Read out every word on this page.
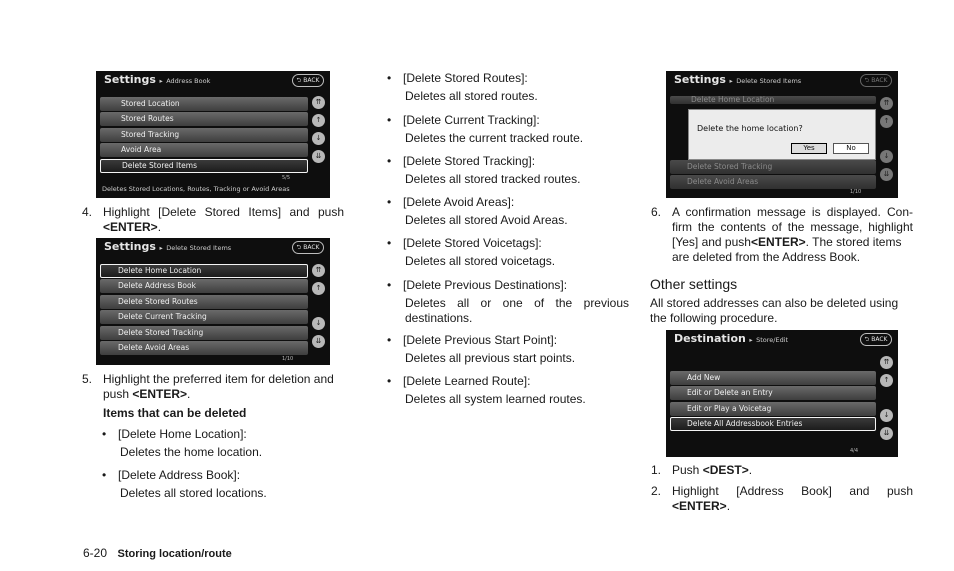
Settings ▸ Address Book	⮌ BACK
Stored Location
Stored Routes
Stored Tracking
Avoid Area
Delete Stored Items
⇈
↑
↓
⇊
5/5
Deletes Stored Locations, Routes, Tracking or Avoid Areas
4. Highlight [Delete Stored Items] and push
<ENTER>.
Settings ▸ Delete Stored Items	⮌ BACK
Delete Home Location
Delete Address Book
Delete Stored Routes
Delete Current Tracking
Delete Stored Tracking
Delete Avoid Areas
⇈
↑
↓
⇊
1/10
5. Highlight the preferred item for deletion and
push <ENTER>.
Items that can be deleted
• [Delete Home Location]:
Deletes the home location.
• [Delete Address Book]:
Deletes all stored locations.
• [Delete Stored Routes]:
Deletes all stored routes.
• [Delete Current Tracking]:
Deletes the current tracked route.
• [Delete Stored Tracking]:
Deletes all stored tracked routes.
• [Delete Avoid Areas]:
Deletes all stored Avoid Areas.
• [Delete Stored Voicetags]:
Deletes all stored voicetags.
• [Delete Previous Destinations]:
Deletes all or one of the previous destinations.
• [Delete Previous Start Point]:
Deletes all previous start points.
• [Delete Learned Route]:
Deletes all system learned routes.
Settings ▸ Delete Stored Items	⮌ BACK
Delete Home Location
Delete the home location?
Yes	No
Delete Stored Tracking
Delete Avoid Areas
⇈
↑
↓
⇊
1/10
6. A confirmation message is displayed. Con-
firm the contents of the message, highlight
[Yes] and push<ENTER>. The stored items
are deleted from the Address Book.
Other settings
All stored addresses can also be deleted using
the following procedure.
Destination ▸ Store/Edit	⮌ BACK
Add New
Edit or Delete an Entry
Edit or Play a Voicetag
Delete All Addressbook Entries
⇈
↑
↓
⇊
4/4
1. Push <DEST>.
2. Highlight [Address Book] and push
<ENTER>.
6-20 Storing location/route
